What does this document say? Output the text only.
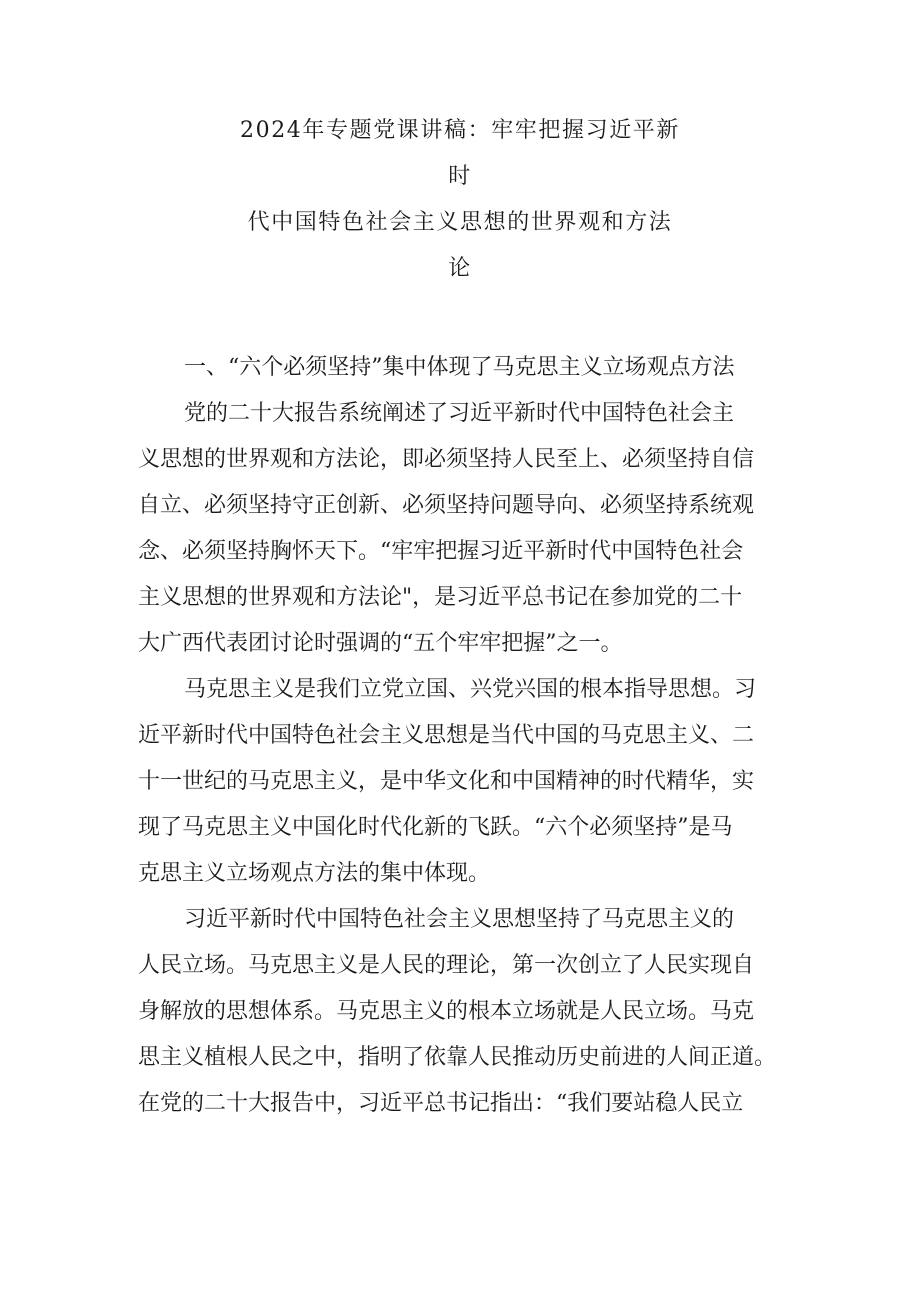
2024年专题党课讲稿：牢牢把握习近平新
时
代中国特色社会主义思想的世界观和方法
论
一、“六个必须坚持”集中体现了马克思主义立场观点方法
党的二十大报告系统阐述了习近平新时代中国特色社会主
义思想的世界观和方法论，即必须坚持人民至上、必须坚持自信
自立、必须坚持守正创新、必须坚持问题导向、必须坚持系统观
念、必须坚持胸怀天下。“牢牢把握习近平新时代中国特色社会
主义思想的世界观和方法论"，是习近平总书记在参加党的二十
大广西代表团讨论时强调的“五个牢牢把握”之一。
马克思主义是我们立党立国、兴党兴国的根本指导思想。习
近平新时代中国特色社会主义思想是当代中国的马克思主义、二
十一世纪的马克思主义，是中华文化和中国精神的时代精华，实
现了马克思主义中国化时代化新的飞跃。“六个必须坚持”是马
克思主义立场观点方法的集中体现。
习近平新时代中国特色社会主义思想坚持了马克思主义的
人民立场。马克思主义是人民的理论，第一次创立了人民实现自
身解放的思想体系。马克思主义的根本立场就是人民立场。马克
思主义植根人民之中，指明了依靠人民推动历史前进的人间正道。
在党的二十大报告中，习近平总书记指出：“我们要站稳人民立
